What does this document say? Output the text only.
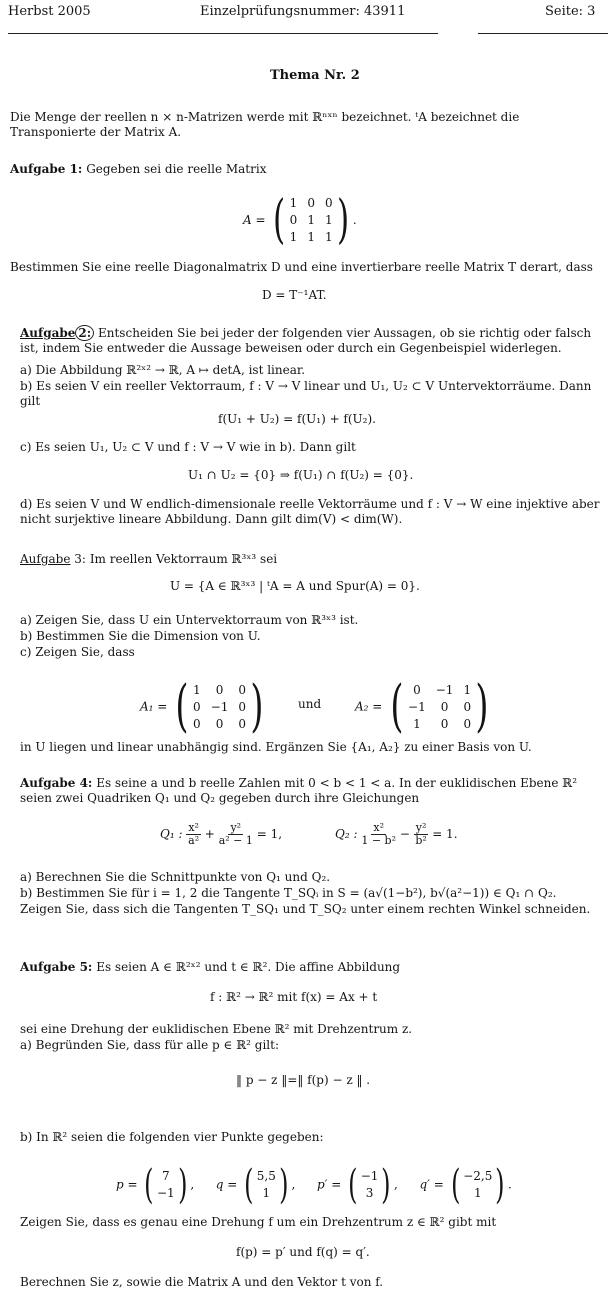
Herbst 2005	Einzelprüfungsnummer: 43911	Seite: 3
Thema Nr. 2
Die Menge der reellen n × n-Matrizen werde mit ℝⁿˣⁿ bezeichnet. ᵗA bezeichnet die Transponierte der Matrix A.
Aufgabe 1: Gegeben sei die reelle Matrix
A = ( 1 0 0
0 1 1
1 1 1 ) .
Bestimmen Sie eine reelle Diagonalmatrix D und eine invertierbare reelle Matrix T derart, dass
D = T⁻¹AT.
Aufgabe 2: Entscheiden Sie bei jeder der folgenden vier Aussagen, ob sie richtig oder falsch ist, indem Sie entweder die Aussage beweisen oder durch ein Gegenbeispiel widerlegen.
a) Die Abbildung ℝ²ˣ² → ℝ, A ↦ detA, ist linear.
b) Es seien V ein reeller Vektorraum, f : V → V linear und U₁, U₂ ⊂ V Untervektorräume. Dann gilt
f(U₁ + U₂) = f(U₁) + f(U₂).
c) Es seien U₁, U₂ ⊂ V und f : V → V wie in b). Dann gilt
U₁ ∩ U₂ = {0} ⇒ f(U₁) ∩ f(U₂) = {0}.
d) Es seien V und W endlich-dimensionale reelle Vektorräume und f : V → W eine injektive aber nicht surjektive lineare Abbildung. Dann gilt dim(V) < dim(W).
Aufgabe 3: Im reellen Vektorraum ℝ³ˣ³ sei
U = {A ∈ ℝ³ˣ³ | ᵗA = A und Spur(A) = 0}.
a) Zeigen Sie, dass U ein Untervektorraum von ℝ³ˣ³ ist.
b) Bestimmen Sie die Dimension von U.
c) Zeigen Sie, dass
A₁ = ( 1	0	0
0 −1 0
0	0	0 )	und	A₂ = ( 0	−1 1
−1	0	0
1	0	0 )
in U liegen und linear unabhängig sind. Ergänzen Sie {A₁, A₂} zu einer Basis von U.
Aufgabe 4: Es seine a und b reelle Zahlen mit 0 < b < 1 < a. In der euklidischen Ebene ℝ² seien zwei Quadriken Q₁ und Q₂ gegeben durch ihre Gleichungen
Q₁ : $\frac{\text{x²}}{\text{a²}} + \frac{\text{y²}}{\text{a² − 1}} = 1$,	Q₂ : $\frac{\text{x²}}{\text{1 − b²}} - \frac{\text{y²}}{\text{b²}} = 1$.
a) Berechnen Sie die Schnittpunkte von Q₁ und Q₂.
b) Bestimmen Sie für i = 1, 2 die Tangente T_SQᵢ in S = (a√(1−b²), b√(a²−1)) ∈ Q₁ ∩ Q₂.
Zeigen Sie, dass sich die Tangenten T_SQ₁ und T_SQ₂ unter einem rechten Winkel schneiden.
Aufgabe 5: Es seien A ∈ ℝ²ˣ² und t ∈ ℝ². Die affine Abbildung
f : ℝ² → ℝ² mit f(x) = Ax + t
sei eine Drehung der euklidischen Ebene ℝ² mit Drehzentrum z.
a) Begründen Sie, dass für alle p ∈ ℝ² gilt:
‖ p − z ‖=‖ f(p) − z ‖ .
b) In ℝ² seien die folgenden vier Punkte gegeben:
p = ( 7
−1 ) , q = ( 5,5
1 ) , p′ = ( −1
3 ) , q′ = ( −2,5
1 ) .
Zeigen Sie, dass es genau eine Drehung f um ein Drehzentrum z ∈ ℝ² gibt mit
f(p) = p′ und f(q) = q′.
Berechnen Sie z, sowie die Matrix A und den Vektor t von f.
